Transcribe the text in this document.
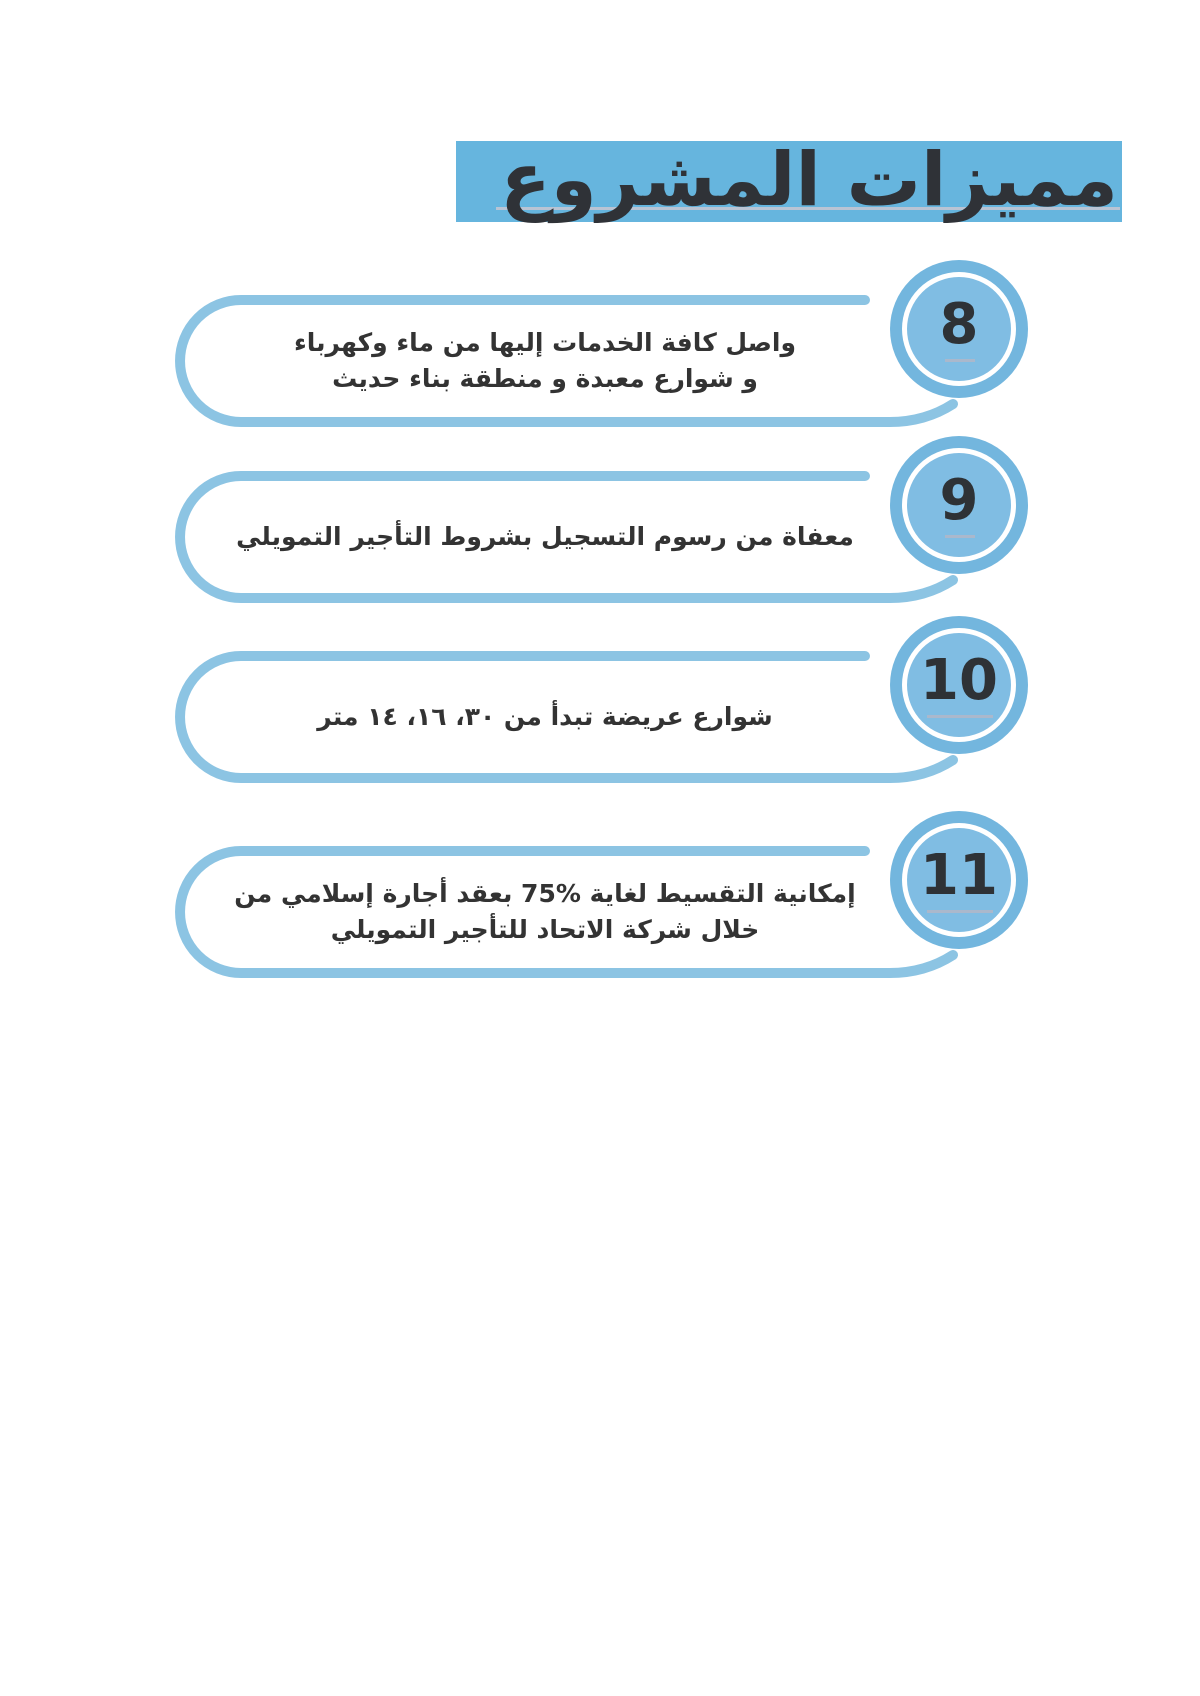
مميزات المشروع
واصل كافة الخدمات إليها من ماء وكهرباء
و شوارع معبدة و منطقة بناء حديث
8
معفاة من رسوم التسجيل بشروط التأجير التمويلي
9
شوارع عريضة تبدأ من ٣٠، ١٦، ١٤ متر
10
إمكانية التقسيط لغاية %75 بعقد أجارة إسلامي من
خلال شركة الاتحاد للتأجير التمويلي
11
